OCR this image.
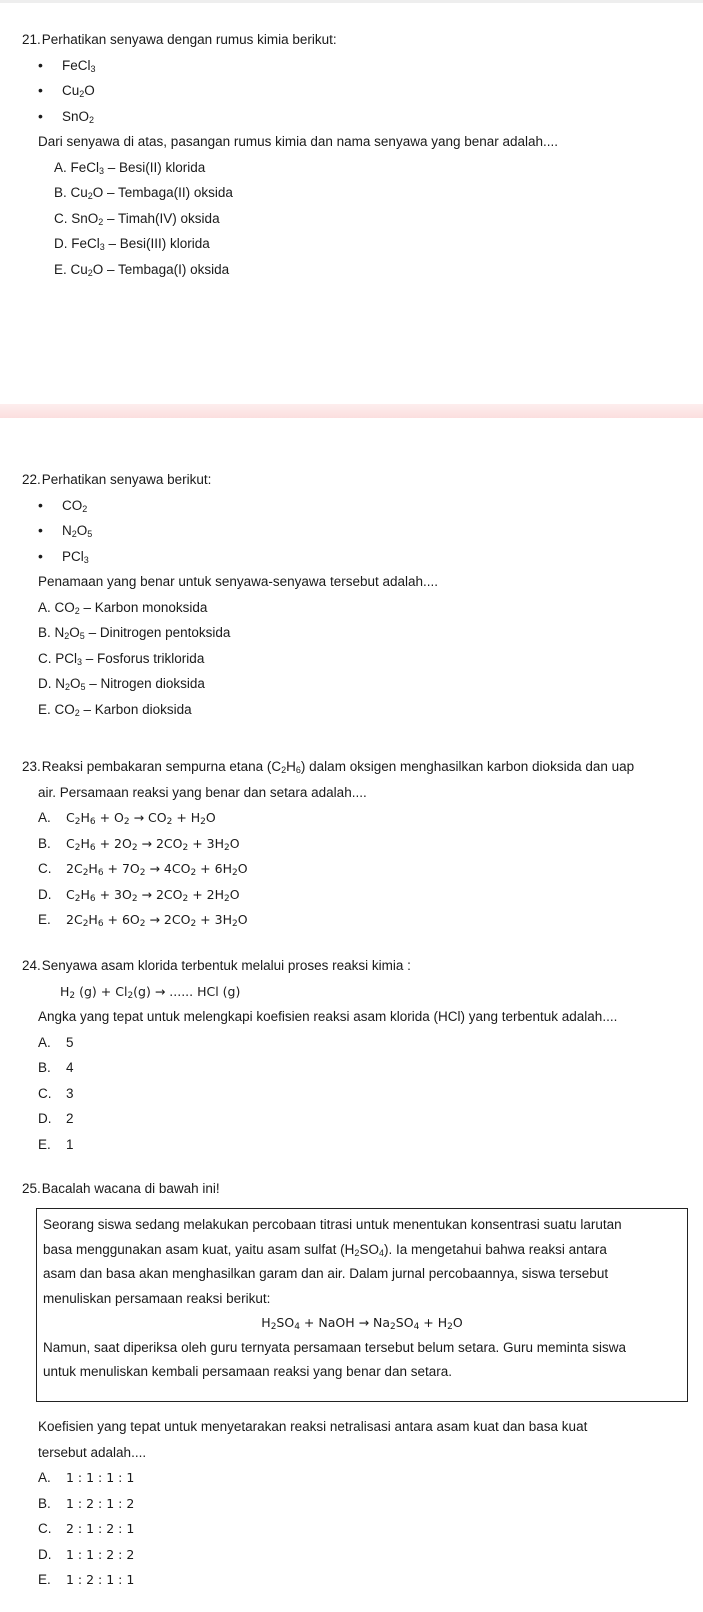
21. Perhatikan senyawa dengan rumus kimia berikut:
• FeCl$_3$
• $Cu_2O$
• SnO$_2$
Dari senyawa di atas, pasangan rumus kimia dan nama senyawa yang benar adalah....
A. FeCl$_3$ – Besi(II) klorida
B. $Cu_2O$ – Tembaga(II) oksida
C. SnO$_2$ – Timah(IV) oksida
D. FeCl$_3$ – Besi(III) klorida
E. $Cu_2O$ – Tembaga(I) oksida
22. Perhatikan senyawa berikut:
• $CO_2$
• $N_2O_5$
• PCl$_3$
Penamaan yang benar untuk senyawa-senyawa tersebut adalah....
A. $CO_2$ – Karbon monoksida
B. $N_2O_5$ – Dinitrogen pentoksida
C. PCl$_3$ – Fosforus triklorida
D. $N_2O_5$ – Nitrogen dioksida
E. $CO_2$ – Karbon dioksida
23. Reaksi pembakaran sempurna etana $(C_2H_6)$ dalam oksigen menghasilkan karbon dioksida dan uap
air. Persamaan reaksi yang benar dan setara adalah....
A. $C_2H_6 + O_2 \to CO_2 + H_2O$
B. $C_2H_6 + 2O_2 \to 2CO_2 + 3H_2O$
C. $2C_2H_6 + 7O_2 \to 4CO_2 + 6H_2O$
D. $C_2H_6 + 3O_2 \to 2CO_2 + 2H_2O$
E. $2C_2H_6 + 6O_2 \to 2CO_2 + 3H_2O$
24. Senyawa asam klorida terbentuk melalui proses reaksi kimia :
$H_2$ $(g) + Cl_2(g)$ → ...... HCl (g)
Angka yang tepat untuk melengkapi koefisien reaksi asam klorida (HCl) yang terbentuk adalah....
A. 5
B. 4
C. 3
D. 2
E. 1
25. Bacalah wacana di bawah ini!
Seorang siswa sedang melakukan percobaan titrasi untuk menentukan konsentrasi suatu larutan
basa menggunakan asam kuat, yaitu asam sulfat $(H_2SO_4)$. Ia mengetahui bahwa reaksi antara
asam dan basa akan menghasilkan garam dan air. Dalam jurnal percobaannya, siswa tersebut
menuliskan persamaan reaksi berikut:
$H_2SO_4$ + NaOH → $Na_2SO_4 + H_2O$
Namun, saat diperiksa oleh guru ternyata persamaan tersebut belum setara. Guru meminta siswa
untuk menuliskan kembali persamaan reaksi yang benar dan setara.
Koefisien yang tepat untuk menyetarakan reaksi netralisasi antara asam kuat dan basa kuat
tersebut adalah....
A. 1 : 1 : 1 : 1
B. 1 : 2 : 1 : 2
C. 2 : 1 : 2 : 1
D. 1 : 1 : 2 : 2
E. 1 : 2 : 1 : 1
